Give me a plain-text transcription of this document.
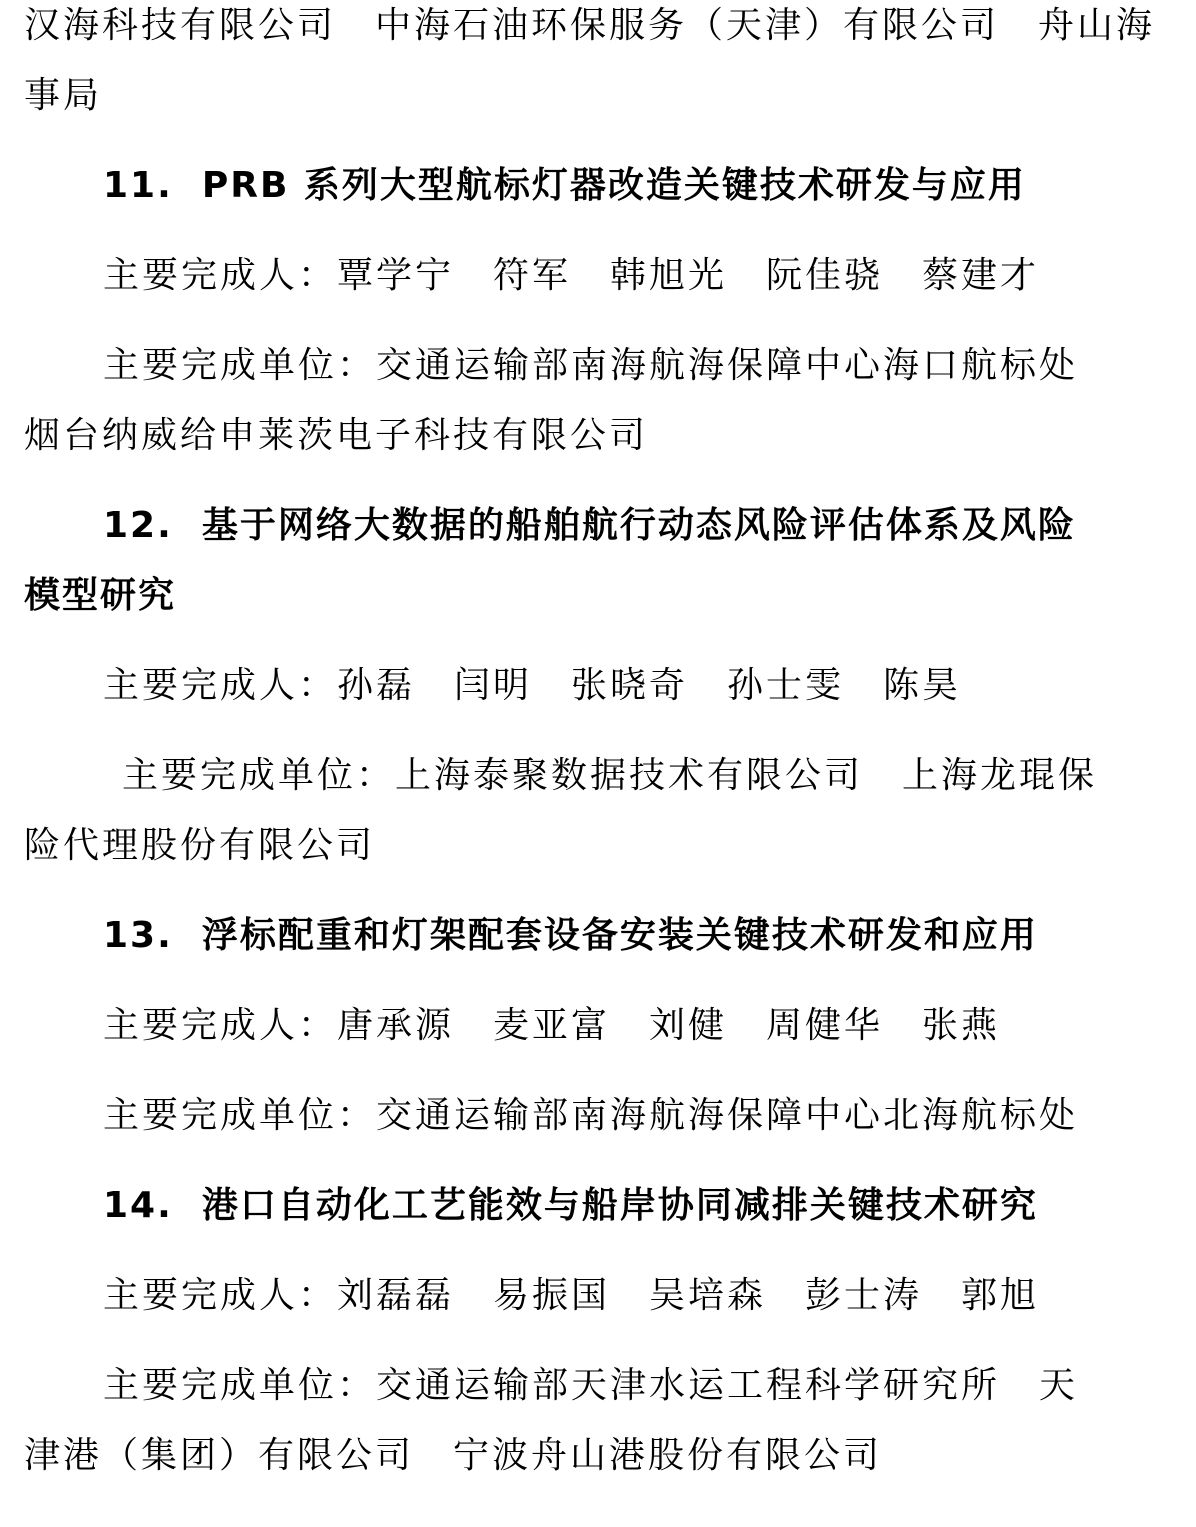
汉海科技有限公司　中海石油环保服务（天津）有限公司　舟山海
事局
11.  PRB 系列大型航标灯器改造关键技术研发与应用
主要完成人：覃学宁　符军　韩旭光　阮佳骁　蔡建才
主要完成单位：交通运输部南海航海保障中心海口航标处
烟台纳威给申莱茨电子科技有限公司
12.  基于网络大数据的船舶航行动态风险评估体系及风险
模型研究
主要完成人：孙磊　闫明　张晓奇　孙士雯　陈昊
主要完成单位：上海泰聚数据技术有限公司　上海龙琨保
险代理股份有限公司
13.  浮标配重和灯架配套设备安装关键技术研发和应用
主要完成人：唐承源　麦亚富　刘健　周健华　张燕
主要完成单位：交通运输部南海航海保障中心北海航标处
14.  港口自动化工艺能效与船岸协同减排关键技术研究
主要完成人：刘磊磊　易振国　吴培森　彭士涛　郭旭
主要完成单位：交通运输部天津水运工程科学研究所　天
津港（集团）有限公司　宁波舟山港股份有限公司
